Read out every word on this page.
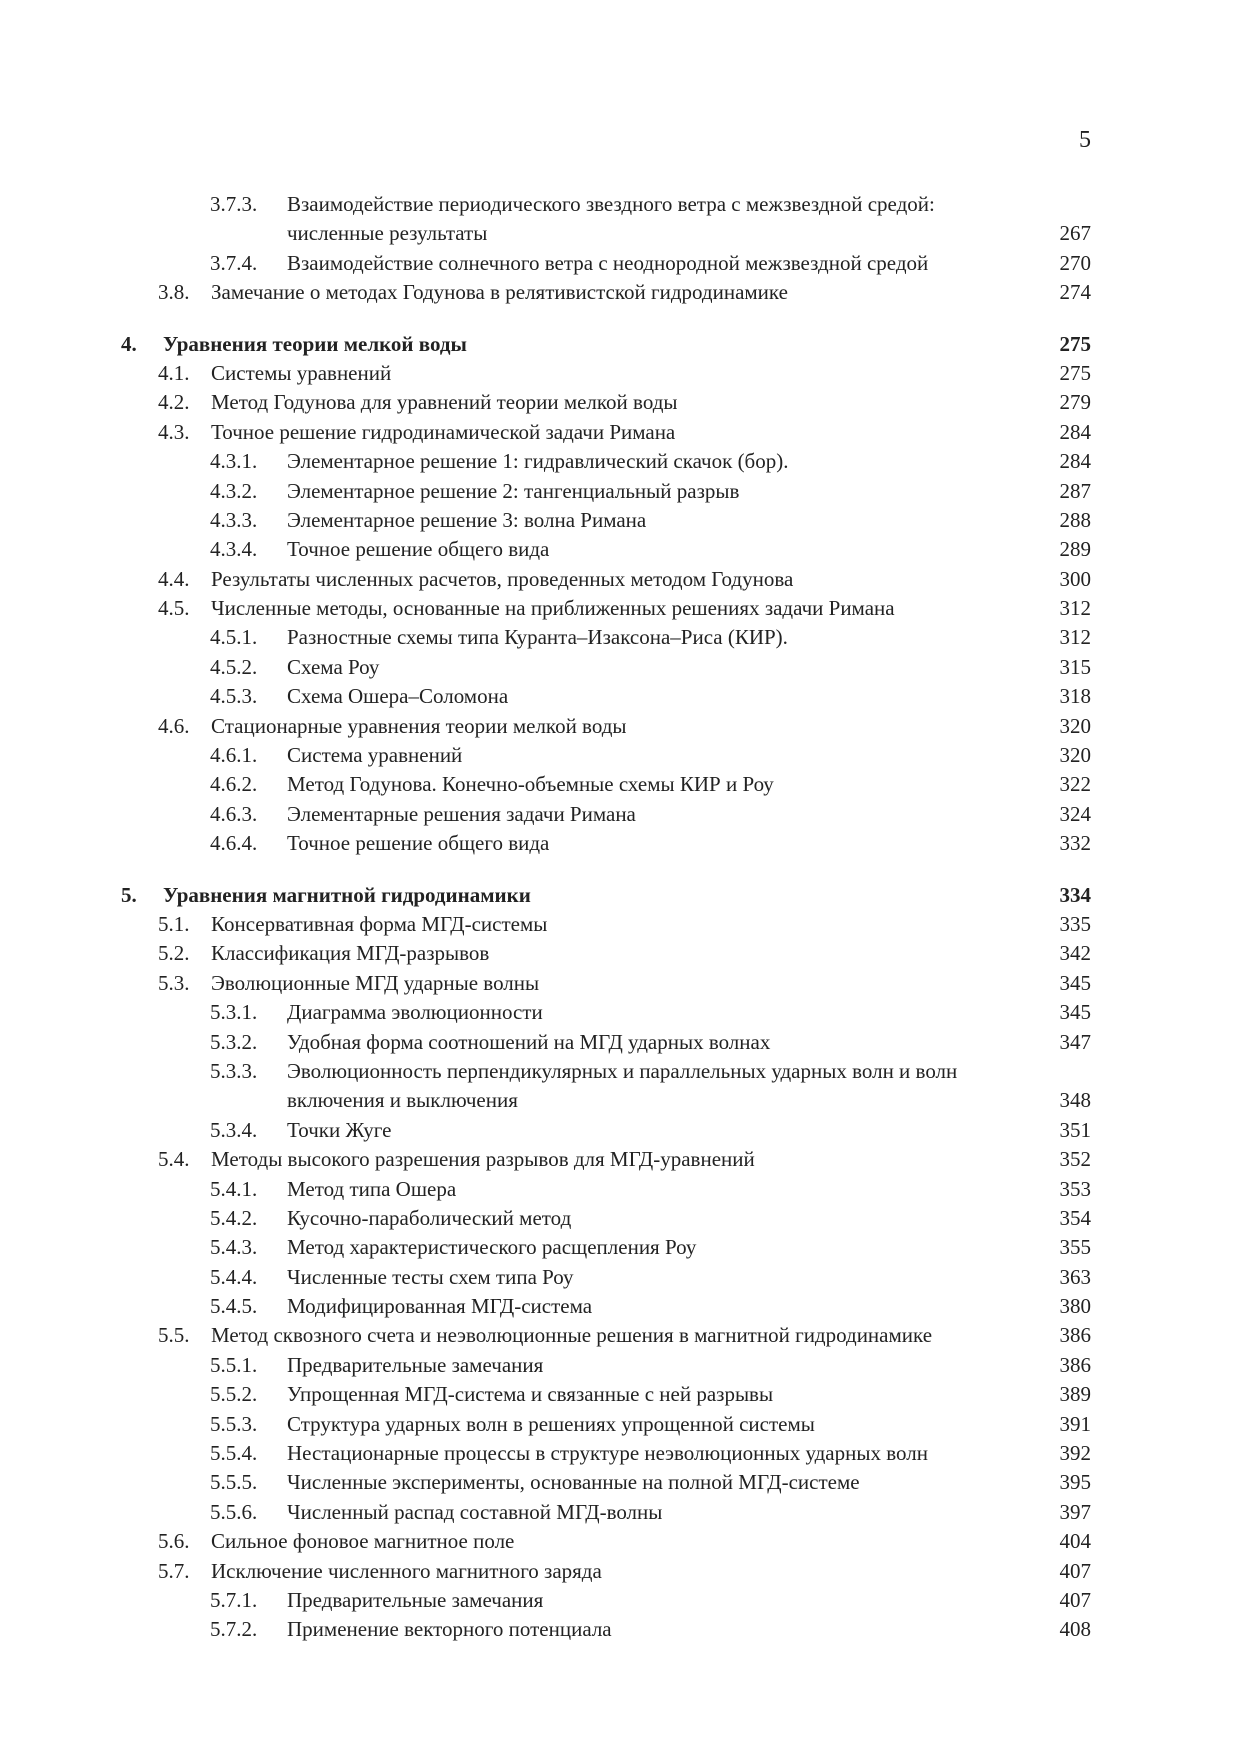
5
3.7.3. Взаимодействие периодического звездного ветра с межзвездной средой:
численные результаты	267
3.7.4. Взаимодействие солнечного ветра с неоднородной межзвездной средой	270
3.8. Замечание о методах Годунова в релятивистской гидродинамике	274
4. Уравнения теории мелкой воды	275
4.1. Системы уравнений	275
4.2. Метод Годунова для уравнений теории мелкой воды	279
4.3. Точное решение гидродинамической задачи Римана	284
4.3.1. Элементарное решение 1: гидравлический скачок (бор).	284
4.3.2. Элементарное решение 2: тангенциальный разрыв	287
4.3.3. Элементарное решение 3: волна Римана	288
4.3.4. Точное решение общего вида	289
4.4. Результаты численных расчетов, проведенных методом Годунова	300
4.5. Численные методы, основанные на приближенных решениях задачи Римана	312
4.5.1. Разностные схемы типа Куранта–Изаксона–Риса (КИР).	312
4.5.2. Схема Роу	315
4.5.3. Схема Ошера–Соломона	318
4.6. Стационарные уравнения теории мелкой воды	320
4.6.1. Система уравнений	320
4.6.2. Метод Годунова. Конечно-объемные схемы КИР и Роу	322
4.6.3. Элементарные решения задачи Римана	324
4.6.4. Точное решение общего вида	332
5. Уравнения магнитной гидродинамики	334
5.1. Консервативная форма МГД-системы	335
5.2. Классификация МГД-разрывов	342
5.3. Эволюционные МГД ударные волны	345
5.3.1. Диаграмма эволюционности	345
5.3.2. Удобная форма соотношений на МГД ударных волнах	347
5.3.3. Эволюционность перпендикулярных и параллельных ударных волн и волн
включения и выключения	348
5.3.4. Точки Жуге	351
5.4. Методы высокого разрешения разрывов для МГД-уравнений	352
5.4.1. Метод типа Ошера	353
5.4.2. Кусочно-параболический метод	354
5.4.3. Метод характеристического расщепления Роу	355
5.4.4. Численные тесты схем типа Роу	363
5.4.5. Модифицированная МГД-система	380
5.5. Метод сквозного счета и неэволюционные решения в магнитной гидродинамике	386
5.5.1. Предварительные замечания	386
5.5.2. Упрощенная МГД-система и связанные с ней разрывы	389
5.5.3. Структура ударных волн в решениях упрощенной системы	391
5.5.4. Нестационарные процессы в структуре неэволюционных ударных волн	392
5.5.5. Численные эксперименты, основанные на полной МГД-системе	395
5.5.6. Численный распад составной МГД-волны	397
5.6. Сильное фоновое магнитное поле	404
5.7. Исключение численного магнитного заряда	407
5.7.1. Предварительные замечания	407
5.7.2. Применение векторного потенциала	408
